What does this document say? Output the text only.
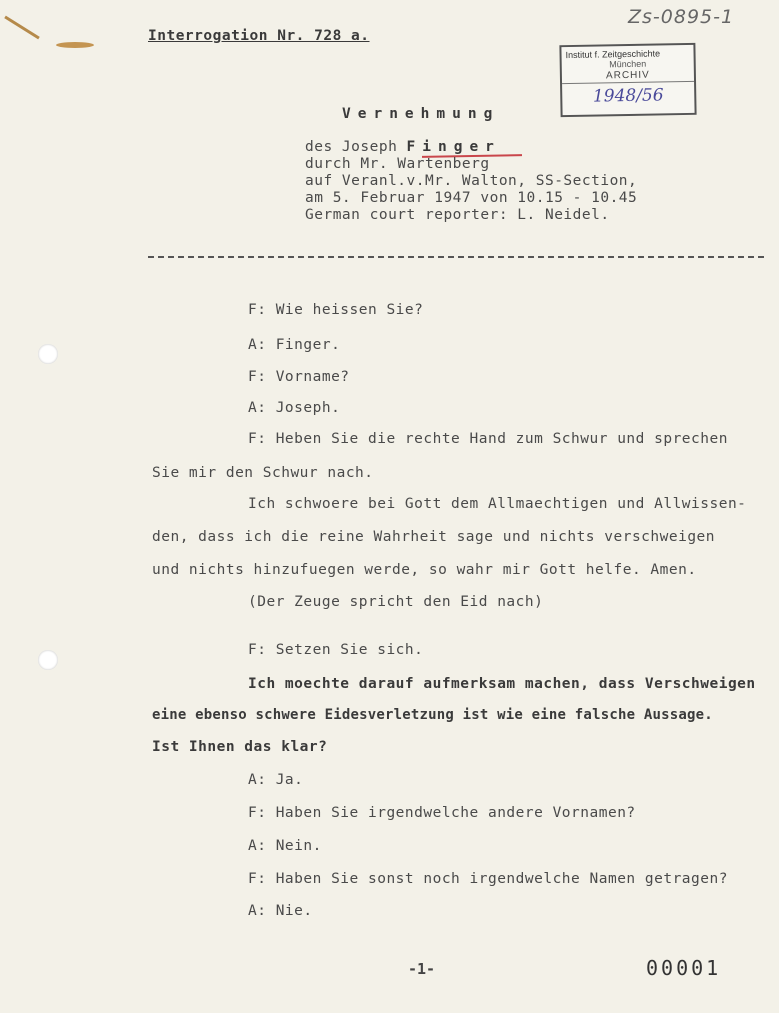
Zs-0895-1
Interrogation Nr. 728 a.
Institut f. Zeitgeschichte
München
ARCHIV
1948/56
Vernehmung
des Joseph Finger
durch Mr. Wartenberg
auf Veranl.v.Mr. Walton, SS-Section,
am 5. Februar 1947 von 10.15 - 10.45
German court reporter: L. Neidel.
F: Wie heissen Sie?
A: Finger.
F: Vorname?
A: Joseph.
F: Heben Sie die rechte Hand zum Schwur und sprechen
Sie mir den Schwur nach.
Ich schwoere bei Gott dem Allmaechtigen und Allwissen-
den, dass ich die reine Wahrheit sage und nichts verschweigen
und nichts hinzufuegen werde, so wahr mir Gott helfe. Amen.
(Der Zeuge spricht den Eid nach)
F: Setzen Sie sich.
Ich moechte darauf aufmerksam machen, dass Verschweigen
eine ebenso schwere Eidesverletzung ist wie eine falsche Aussage.
Ist Ihnen das klar?
A: Ja.
F: Haben Sie irgendwelche andere Vornamen?
A: Nein.
F: Haben Sie sonst noch irgendwelche Namen getragen?
A: Nie.
-1-	00001
